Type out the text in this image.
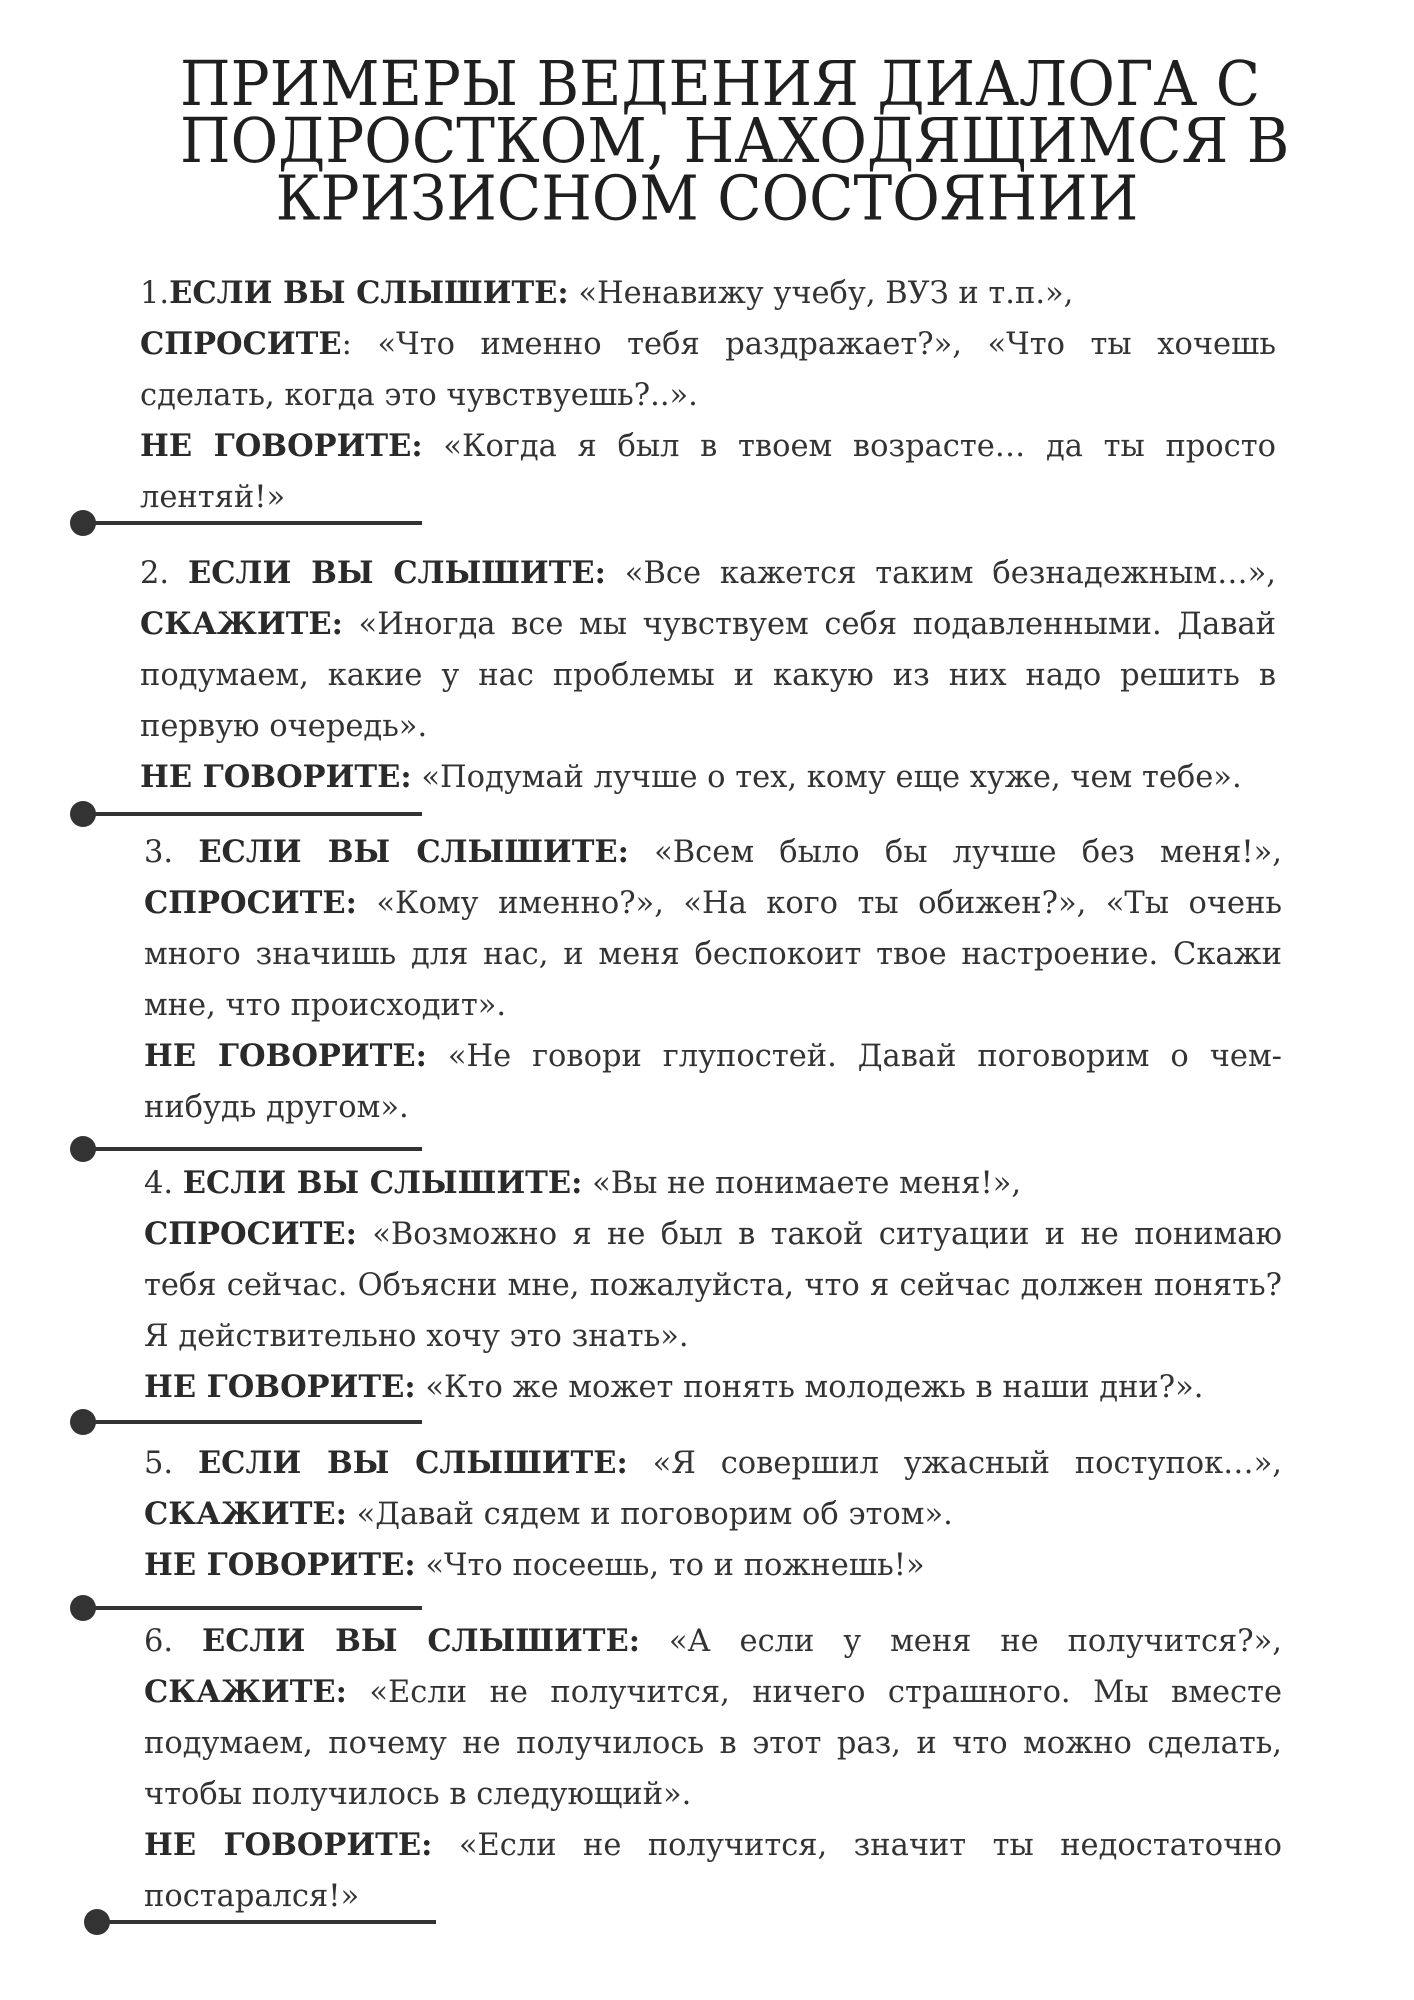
ПРИМЕРЫ ВЕДЕНИЯ ДИАЛОГА С
ПОДРОСТКОМ, НАХОДЯЩИМСЯ В
КРИЗИСНОМ СОСТОЯНИИ

1.ЕСЛИ ВЫ СЛЫШИТЕ: «Ненавижу учебу, ВУЗ и т.п.»,

СПРОСИТЕ: «Что именно тебя раздражает?», «Что ты хочешь сделать, когда это чувствуешь?..».

НЕ ГОВОРИТЕ: «Когда я был в твоем возрасте… да ты просто лентяй!»

2. ЕСЛИ ВЫ СЛЫШИТЕ: «Все кажется таким безнадежным…», СКАЖИТЕ: «Иногда все мы чувствуем себя подавленными. Давай подумаем, какие у нас проблемы и какую из них надо решить в первую очередь».

НЕ ГОВОРИТЕ: «Подумай лучше о тех, кому еще хуже, чем тебе».

3. ЕСЛИ ВЫ СЛЫШИТЕ: «Всем было бы лучше без меня!», СПРОСИТЕ: «Кому именно?», «На кого ты обижен?», «Ты очень много значишь для нас, и меня беспокоит твое настроение. Скажи мне, что происходит».

НЕ ГОВОРИТЕ: «Не говори глупостей. Давай поговорим о чем-нибудь другом».

4. ЕСЛИ ВЫ СЛЫШИТЕ: «Вы не понимаете меня!»,

СПРОСИТЕ: «Возможно я не был в такой ситуации и не понимаю тебя сейчас. Объясни мне, пожалуйста, что я сейчас должен понять? Я действительно хочу это знать».

НЕ ГОВОРИТЕ: «Кто же может понять молодежь в наши дни?».

5. ЕСЛИ ВЫ СЛЫШИТЕ: «Я совершил ужасный поступок…», СКАЖИТЕ: «Давай сядем и поговорим об этом».

НЕ ГОВОРИТЕ: «Что посеешь, то и пожнешь!»

6. ЕСЛИ ВЫ СЛЫШИТЕ: «А если у меня не получится?», СКАЖИТЕ: «Если не получится, ничего страшного. Мы вместе подумаем, почему не получилось в этот раз, и что можно сделать, чтобы получилось в следующий».

НЕ ГОВОРИТЕ: «Если не получится, значит ты недостаточно постарался!»
